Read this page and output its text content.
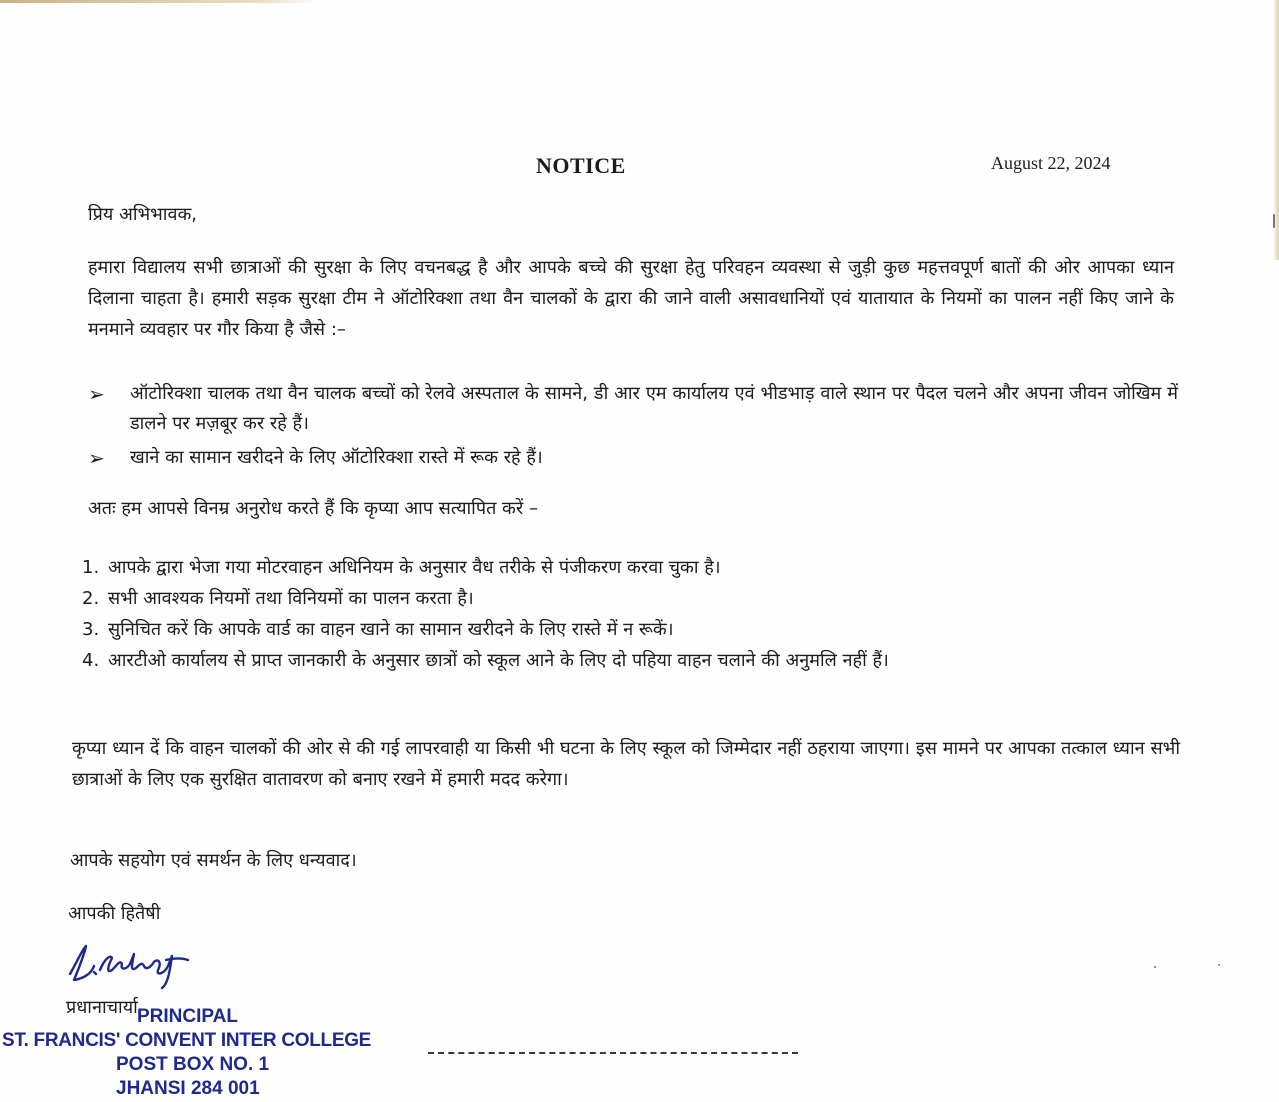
NOTICE	August 22, 2024
प्रिय अभिभावक,
हमारा विद्यालय सभी छात्राओं की सुरक्षा के लिए वचनबद्ध है और आपके बच्चे की सुरक्षा हेतु परिवहन व्यवस्था से जुड़ी कुछ महत्तवपूर्ण बातों की ओर आपका ध्यान दिलाना चाहता है। हमारी सड़क सुरक्षा टीम ने ऑटोरिक्शा तथा वैन चालकों के द्वारा की जाने वाली असावधानियों एवं यातायात के नियमों का पालन नहीं किए जाने के मनमाने व्यवहार पर गौर किया है जैसे :–
➢ ऑटोरिक्शा चालक तथा वैन चालक बच्चों को रेलवे अस्पताल के सामने, डी आर एम कार्यालय एवं भीडभाड़ वाले स्थान पर पैदल चलने और अपना जीवन जोखिम में डालने पर मज़बूर कर रहे हैं।
➢ खाने का सामान खरीदने के लिए ऑटोरिक्शा रास्ते में रूक रहे हैं।
अतः हम आपसे विनम्र अनुरोध करते हैं कि कृप्या आप सत्यापित करें –
1. आपके द्वारा भेजा गया मोटरवाहन अधिनियम के अनुसार वैध तरीके से पंजीकरण करवा चुका है।
2. सभी आवश्यक नियमों तथा विनियमों का पालन करता है।
3. सुनिचित करें कि आपके वार्ड का वाहन खाने का सामान खरीदने के लिए रास्ते में न रूकें।
4. आरटीओ कार्यालय से प्राप्त जानकारी के अनुसार छात्रों को स्कूल आने के लिए दो पहिया वाहन चलाने की अनुमलि नहीं हैं।
कृप्या ध्यान दें कि वाहन चालकों की ओर से की गई लापरवाही या किसी भी घटना के लिए स्कूल को जिम्मेदार नहीं ठहराया जाएगा। इस मामने पर आपका तत्काल ध्यान सभी छात्राओं के लिए एक सुरक्षित वातावरण को बनाए रखने में हमारी मदद करेगा।
आपके सहयोग एवं समर्थन के लिए धन्यवाद।
आपकी हितैषी
प्रधानाचार्या PRINCIPAL
ST. FRANCIS' CONVENT INTER COLLEGE
POST BOX NO. 1
JHANSI 284 001
